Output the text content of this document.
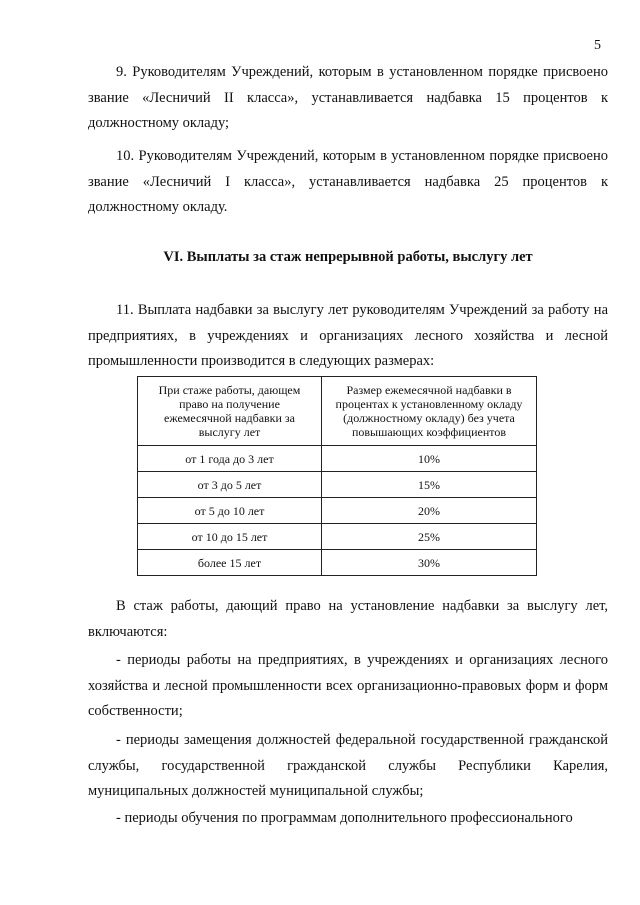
5

9. Руководителям Учреждений, которым в установленном порядке присвоено звание «Лесничий II класса», устанавливается надбавка 15 процентов к должностному окладу;

10. Руководителям Учреждений, которым в установленном порядке присвоено звание «Лесничий I класса», устанавливается надбавка 25 процентов к должностному окладу.

VI. Выплаты за стаж непрерывной работы, выслугу лет

11. Выплата надбавки за выслугу лет руководителям Учреждений за работу на предприятиях, в учреждениях и организациях лесного хозяйства и лесной промышленности производится в следующих размерах:

При стаже работы, дающем право на получение ежемесячной надбавки за выслугу лет	Размер ежемесячной надбавки в процентах к установленному окладу (должностному окладу) без учета повышающих коэффициентов
от 1 года до 3 лет	10%
от 3 до 5 лет	15%
от 5 до 10 лет	20%
от 10 до 15 лет	25%
более 15 лет	30%

В стаж работы, дающий право на установление надбавки за выслугу лет, включаются:

- периоды работы на предприятиях, в учреждениях и организациях лесного хозяйства и лесной промышленности всех организационно-правовых форм и форм собственности;

- периоды замещения должностей федеральной государственной гражданской службы, государственной гражданской службы Республики Карелия, муниципальных должностей муниципальной службы;

- периоды обучения по программам дополнительного профессионального
